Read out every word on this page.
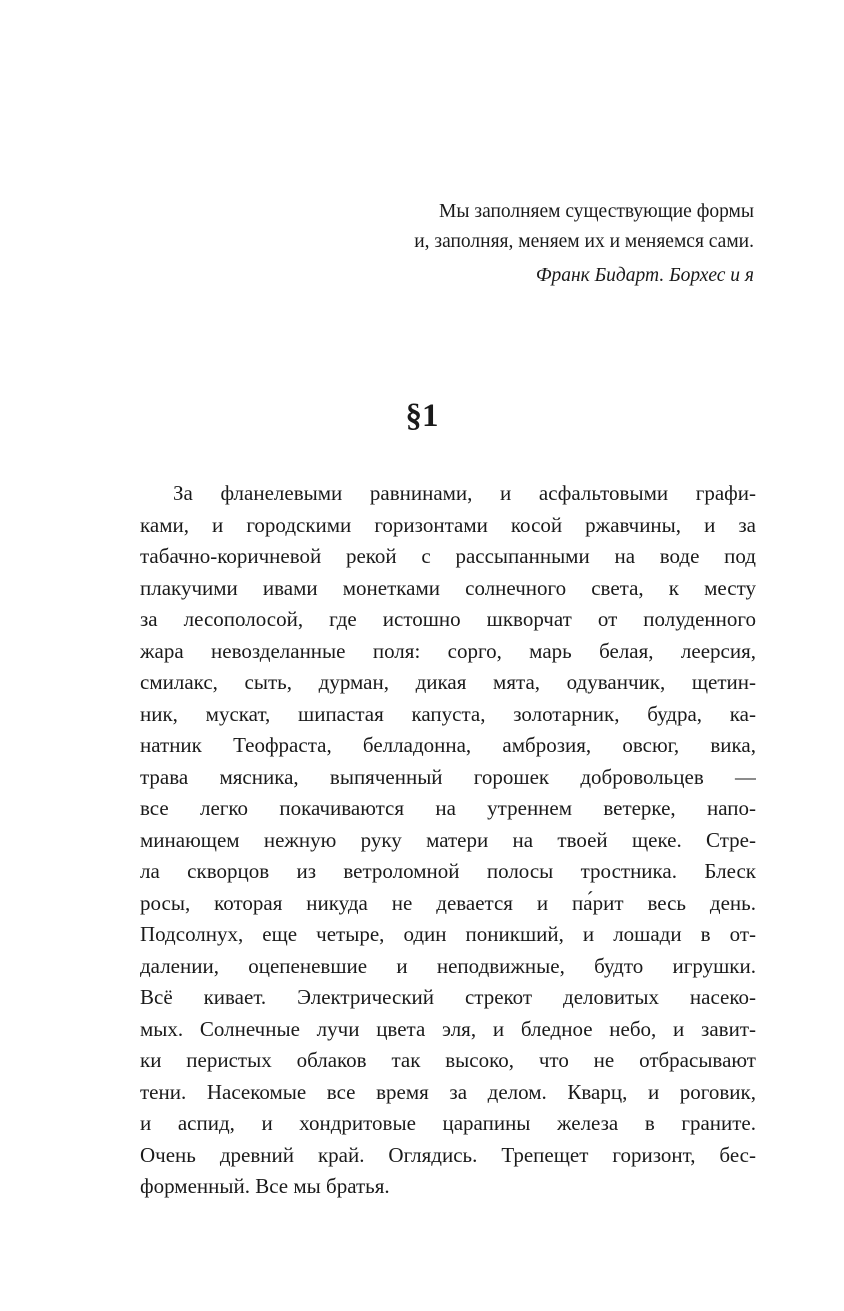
Мы заполняем существующие формы
и, заполняя, меняем их и меняемся сами.
Франк Бидарт. Борхес и я
§1
За фланелевыми равнинами, и асфальтовыми графи-
ками, и городскими горизонтами косой ржавчины, и за
табачно-коричневой рекой с рассыпанными на воде под
плакучими ивами монетками солнечного света, к месту
за лесополосой, где истошно шкворчат от полуденного
жара невозделанные поля: сорго, марь белая, леерсия,
смилакс, сыть, дурман, дикая мята, одуванчик, щетин-
ник, мускат, шипастая капуста, золотарник, будра, ка-
натник Теофраста, белладонна, амброзия, овсюг, вика,
трава мясника, выпяченный горошек добровольцев —
все легко покачиваются на утреннем ветерке, напо-
минающем нежную руку матери на твоей щеке. Стре-
ла скворцов из ветроломной полосы тростника. Блеск
росы, которая никуда не девается и па́рит весь день.
Подсолнух, еще четыре, один поникший, и лошади в от-
далении, оцепеневшие и неподвижные, будто игрушки.
Всё кивает. Электрический стрекот деловитых насеко-
мых. Солнечные лучи цвета эля, и бледное небо, и завит-
ки перистых облаков так высоко, что не отбрасывают
тени. Насекомые все время за делом. Кварц, и роговик,
и аспид, и хондритовые царапины железа в граните.
Очень древний край. Оглядись. Трепещет горизонт, бес-
форменный. Все мы братья.
